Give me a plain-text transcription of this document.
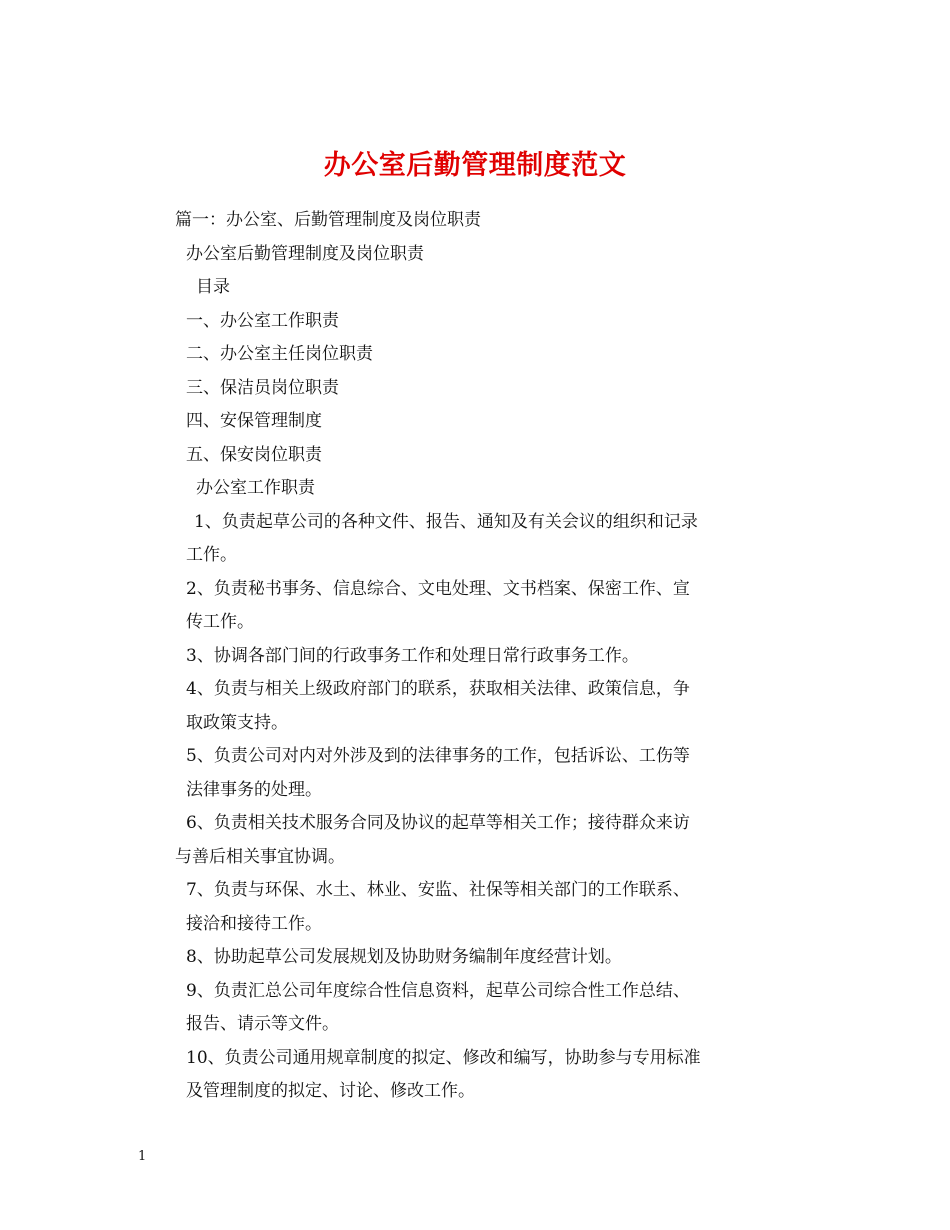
办公室后勤管理制度范文
篇一：办公室、后勤管理制度及岗位职责
办公室后勤管理制度及岗位职责
目录
一、办公室工作职责
二、办公室主任岗位职责
三、保洁员岗位职责
四、安保管理制度
五、保安岗位职责
办公室工作职责
1、负责起草公司的各种文件、报告、通知及有关会议的组织和记录
工作。
2、负责秘书事务、信息综合、文电处理、文书档案、保密工作、宣
传工作。
3、协调各部门间的行政事务工作和处理日常行政事务工作。
4、负责与相关上级政府部门的联系，获取相关法律、政策信息，争
取政策支持。
5、负责公司对内对外涉及到的法律事务的工作，包括诉讼、工伤等
法律事务的处理。
6、负责相关技术服务合同及协议的起草等相关工作；接待群众来访
与善后相关事宜协调。
7、负责与环保、水土、林业、安监、社保等相关部门的工作联系、
接洽和接待工作。
8、协助起草公司发展规划及协助财务编制年度经营计划。
9、负责汇总公司年度综合性信息资料，起草公司综合性工作总结、
报告、请示等文件。
10、负责公司通用规章制度的拟定、修改和编写，协助参与专用标准
及管理制度的拟定、讨论、修改工作。
1
